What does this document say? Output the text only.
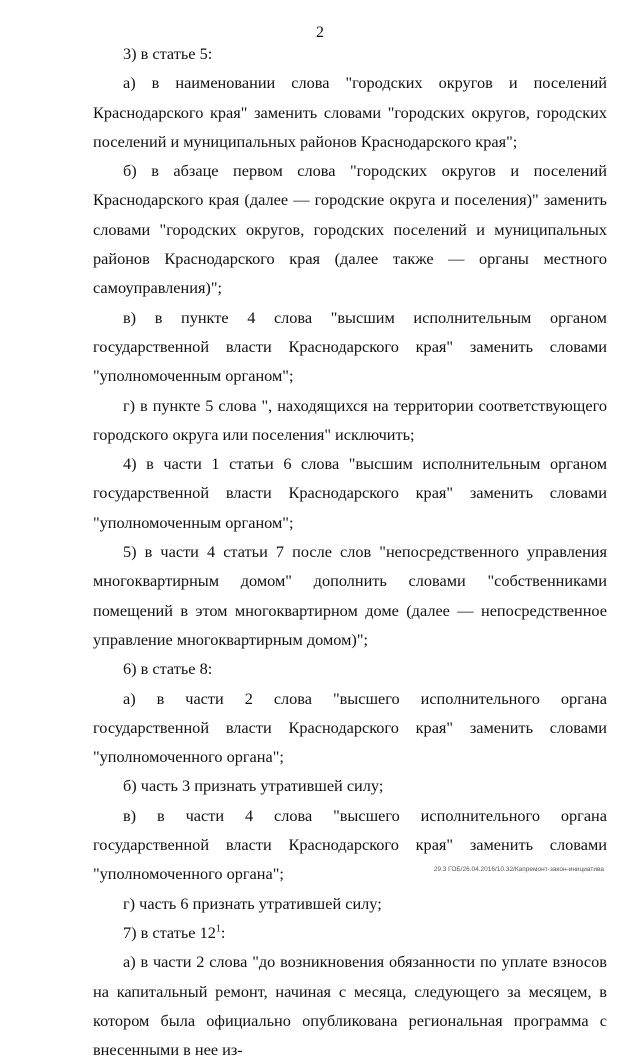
2

3) в статье 5:

а) в наименовании слова "городских округов и поселений Краснодарского края" заменить словами "городских округов, городских поселений и муниципальных районов Краснодарского края";

б) в абзаце первом слова "городских округов и поселений Краснодарского края (далее — городские округа и поселения)" заменить словами "городских округов, городских поселений и муниципальных районов Краснодарского края (далее также — органы местного самоуправления)";

в) в пункте 4 слова "высшим исполнительным органом государственной власти Краснодарского края" заменить словами "уполномоченным органом";

г) в пункте 5 слова ", находящихся на территории соответствующего городского округа или поселения" исключить;

4) в части 1 статьи 6 слова "высшим исполнительным органом государственной власти Краснодарского края" заменить словами "уполномоченным органом";

5) в части 4 статьи 7 после слов "непосредственного управления многоквартирным домом" дополнить словами "собственниками помещений в этом многоквартирном доме (далее — непосредственное управление многоквартирным домом)";

6) в статье 8:

а) в части 2 слова "высшего исполнительного органа государственной власти Краснодарского края" заменить словами "уполномоченного органа";

б) часть 3 признать утратившей силу;

в) в части 4 слова "высшего исполнительного органа государственной власти Краснодарского края" заменить словами "уполномоченного органа";

г) часть 6 признать утратившей силу;

7) в статье $12^1$:

а) в части 2 слова "до возникновения обязанности по уплате взносов на капитальный ремонт, начиная с месяца, следующего за месяцем, в котором была официально опубликована региональная программа с внесенными в нее из-

29.3 ГОБ/26.04.2016/10.32/Капремонт-закон-инициатива
